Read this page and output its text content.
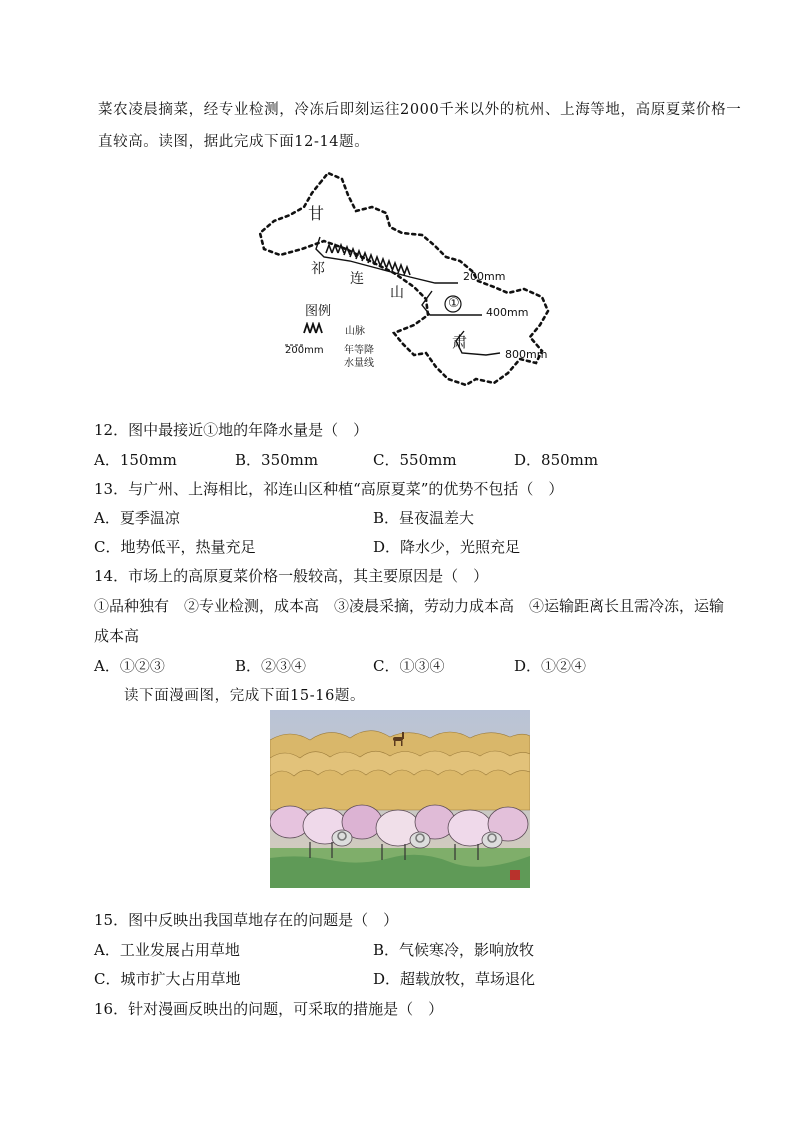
菜农凌晨摘菜，经专业检测，冷冻后即刻运往2000千米以外的杭州、上海等地，高原夏菜价格一
直较高。读图，据此完成下面12-14题。
甘
祁
连
山
①
肃
200mm
400mm
800mm
图例
山脉
200mm 年等降
水量线
12．图中最接近①地的年降水量是（　）
A．150mm	B．350mm	C．550mm	D．850mm
13．与广州、上海相比，祁连山区种植“高原夏菜”的优势不包括（　）
A．夏季温凉	B．昼夜温差大
C．地势低平，热量充足	D．降水少，光照充足
14．市场上的高原夏菜价格一般较高，其主要原因是（　）
①品种独有　②专业检测，成本高　③凌晨采摘，劳动力成本高　④运输距离长且需冷冻，运输
成本高
A．①②③	B．②③④	C．①③④	D．①②④
读下面漫画图，完成下面15-16题。
15．图中反映出我国草地存在的问题是（　）
A．工业发展占用草地	B．气候寒冷，影响放牧
C．城市扩大占用草地	D．超载放牧，草场退化
16．针对漫画反映出的问题，可采取的措施是（　）
